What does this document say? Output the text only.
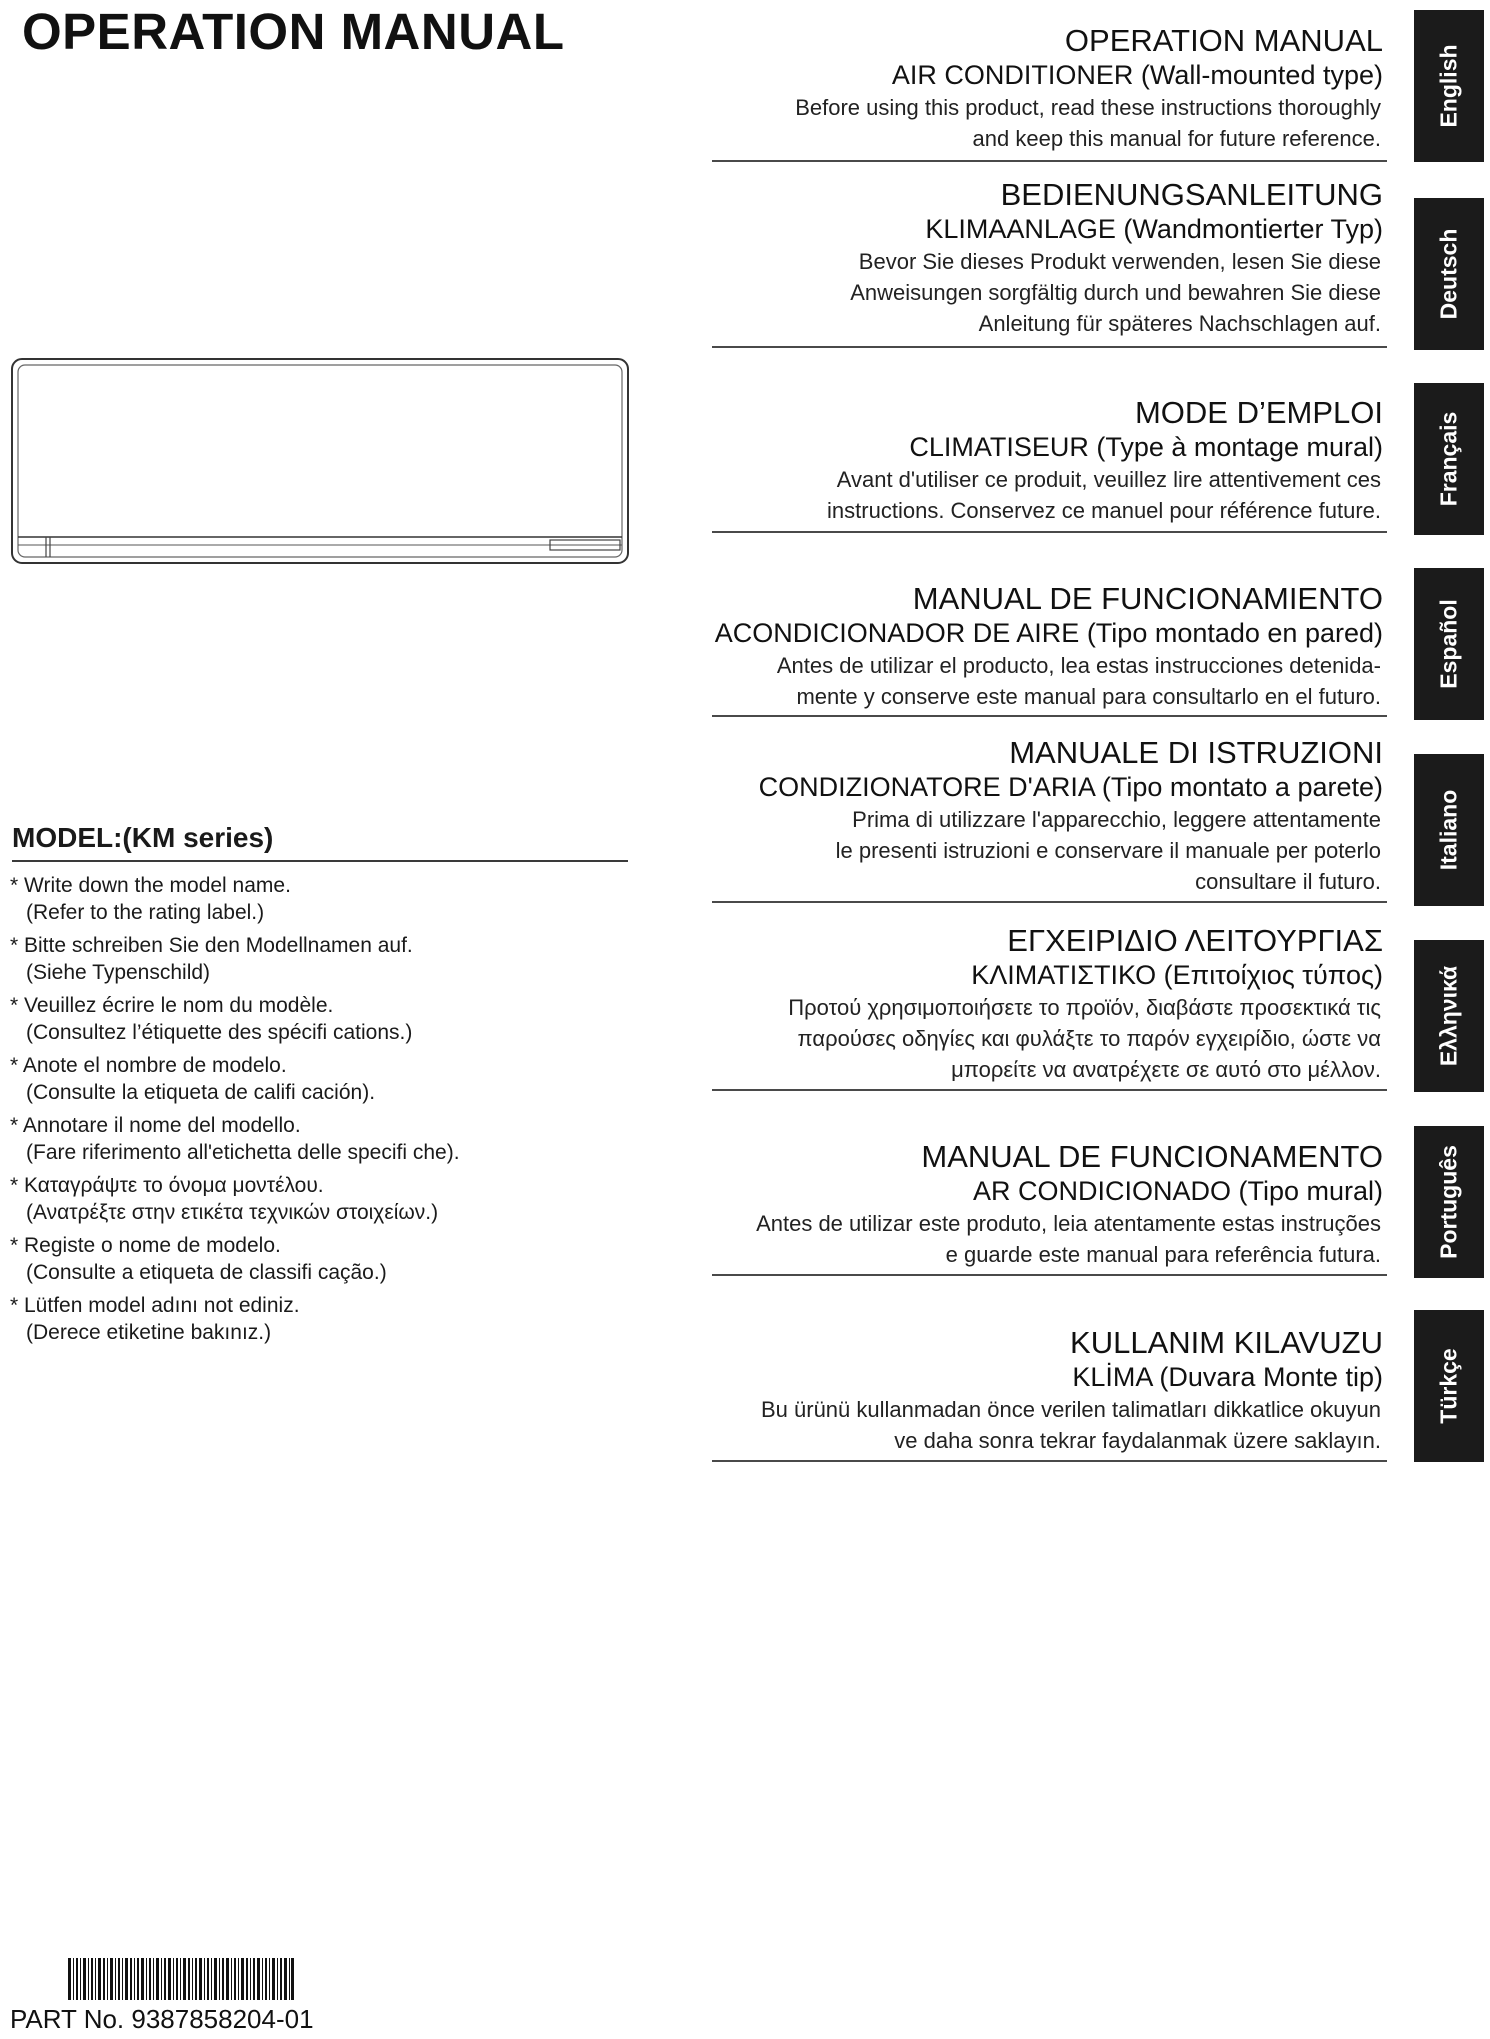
OPERATION MANUAL	OPERATION MANUAL
AIR CONDITIONER (Wall-mounted type)
Before using this product, read these instructions thoroughly
and keep this manual for future reference.
BEDIENUNGSANLEITUNG
KLIMAANLAGE (Wandmontierter Typ)
Bevor Sie dieses Produkt verwenden, lesen Sie diese
Anweisungen sorgfältig durch und bewahren Sie diese
Anleitung für späteres Nachschlagen auf.
MODE D’EMPLOI
CLIMATISEUR (Type à montage mural)
Avant d'utiliser ce produit, veuillez lire attentivement ces
instructions. Conservez ce manuel pour référence future.
MANUAL DE FUNCIONAMIENTO
ACONDICIONADOR DE AIRE (Tipo montado en pared)
Antes de utilizar el producto, lea estas instrucciones detenida-
mente y conserve este manual para consultarlo en el futuro.
MANUALE DI ISTRUZIONI
CONDIZIONATORE D'ARIA (Tipo montato a parete)
Prima di utilizzare l'apparecchio, leggere attentamente
le presenti istruzioni e conservare il manuale per poterlo
consultare il futuro.
ΕΓΧΕΙΡΙΔΙΟ ΛΕΙΤΟΥΡΓΙΑΣ
ΚΛΙΜΑΤΙΣΤΙΚΟ (Επιτοίχιος τύπος)
Προτού χρησιμοποιήσετε το προϊόν, διαβάστε προσεκτικά τις
παρούσες οδηγίες και φυλάξτε το παρόν εγχειρίδιο, ώστε να
μπορείτε να ανατρέχετε σε αυτό στο μέλλον.
MANUAL DE FUNCIONAMENTO
AR CONDICIONADO (Tipo mural)
Antes de utilizar este produto, leia atentamente estas instruções
e guarde este manual para referência futura.
KULLANIM KILAVUZU
KLİMA (Duvara Monte tip)
Bu ürünü kullanmadan önce verilen talimatları dikkatlice okuyun
ve daha sonra tekrar faydalanmak üzere saklayın.
English
Deutsch
Français
Español
Italiano
Ελληνικά
Português
Türkçe
MODEL:(KM series)
* Write down the model name.
(Refer to the rating label.)
* Bitte schreiben Sie den Modellnamen auf.
(Siehe Typenschild)
* Veuillez écrire le nom du modèle.
(Consultez l’étiquette des spécifi cations.)
* Anote el nombre de modelo.
(Consulte la etiqueta de califi cación).
* Annotare il nome del modello.
(Fare riferimento all'etichetta delle specifi che).
* Καταγράψτε το όνομα μοντέλου.
(Ανατρέξτε στην ετικέτα τεχνικών στοιχείων.)
* Registe o nome de modelo.
(Consulte a etiqueta de classifi cação.)
* Lütfen model adını not ediniz.
(Derece etiketine bakınız.)
PART No. 9387858204-01
